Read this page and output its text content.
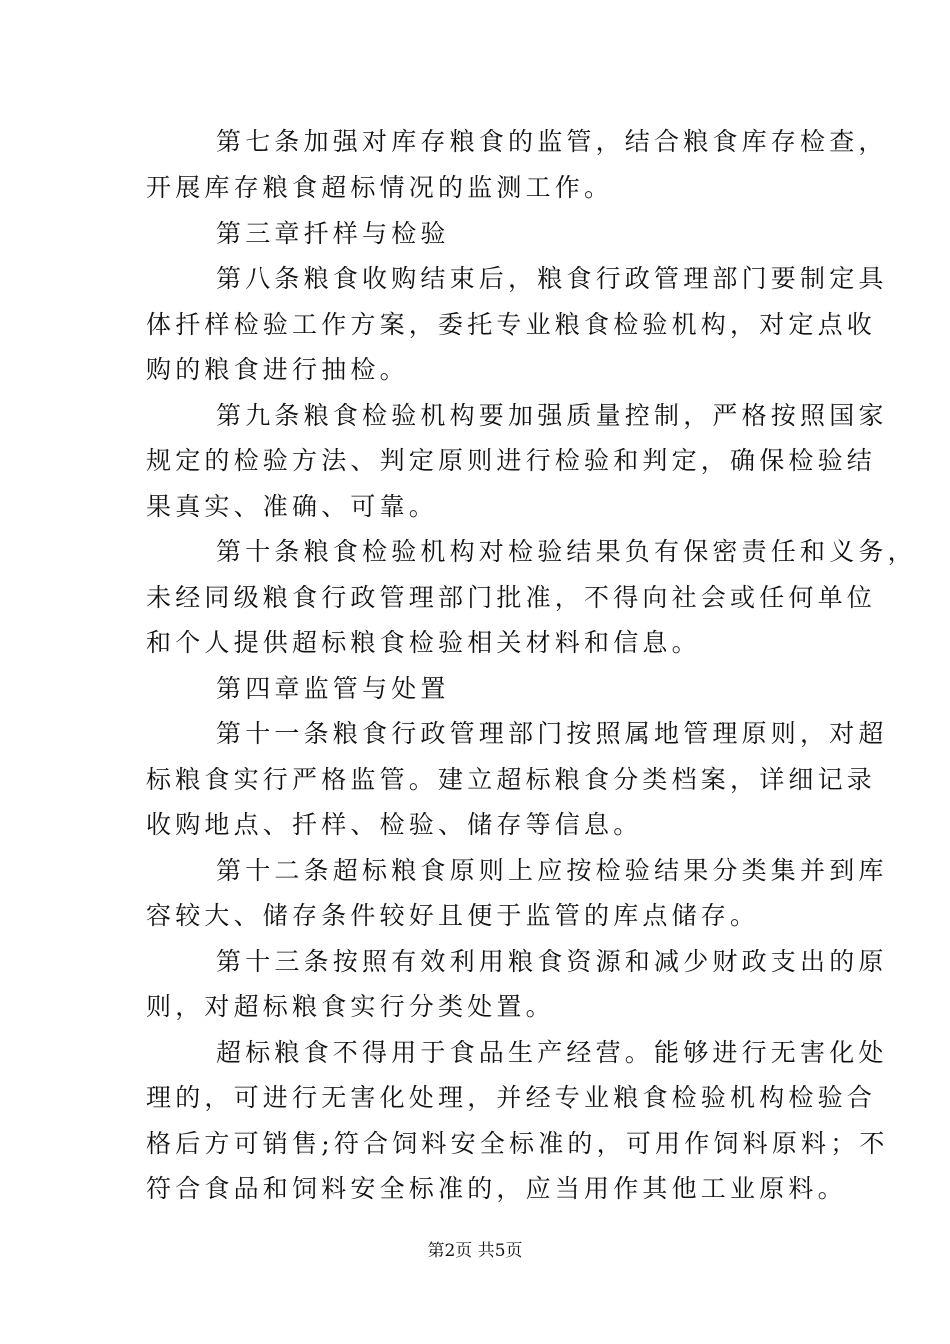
第七条加强对库存粮食的监管，结合粮食库存检查，
开展库存粮食超标情况的监测工作。
第三章扦样与检验
第八条粮食收购结束后，粮食行政管理部门要制定具
体扦样检验工作方案，委托专业粮食检验机构，对定点收
购的粮食进行抽检。
第九条粮食检验机构要加强质量控制，严格按照国家
规定的检验方法、判定原则进行检验和判定，确保检验结
果真实、准确、可靠。
第十条粮食检验机构对检验结果负有保密责任和义务，
未经同级粮食行政管理部门批准，不得向社会或任何单位
和个人提供超标粮食检验相关材料和信息。
第四章监管与处置
第十一条粮食行政管理部门按照属地管理原则，对超
标粮食实行严格监管。建立超标粮食分类档案，详细记录
收购地点、扦样、检验、储存等信息。
第十二条超标粮食原则上应按检验结果分类集并到库
容较大、储存条件较好且便于监管的库点储存。
第十三条按照有效利用粮食资源和减少财政支出的原
则，对超标粮食实行分类处置。
超标粮食不得用于食品生产经营。能够进行无害化处
理的，可进行无害化处理，并经专业粮食检验机构检验合
格后方可销售;符合饲料安全标准的，可用作饲料原料；不
符合食品和饲料安全标准的，应当用作其他工业原料。
第2页 共5页
